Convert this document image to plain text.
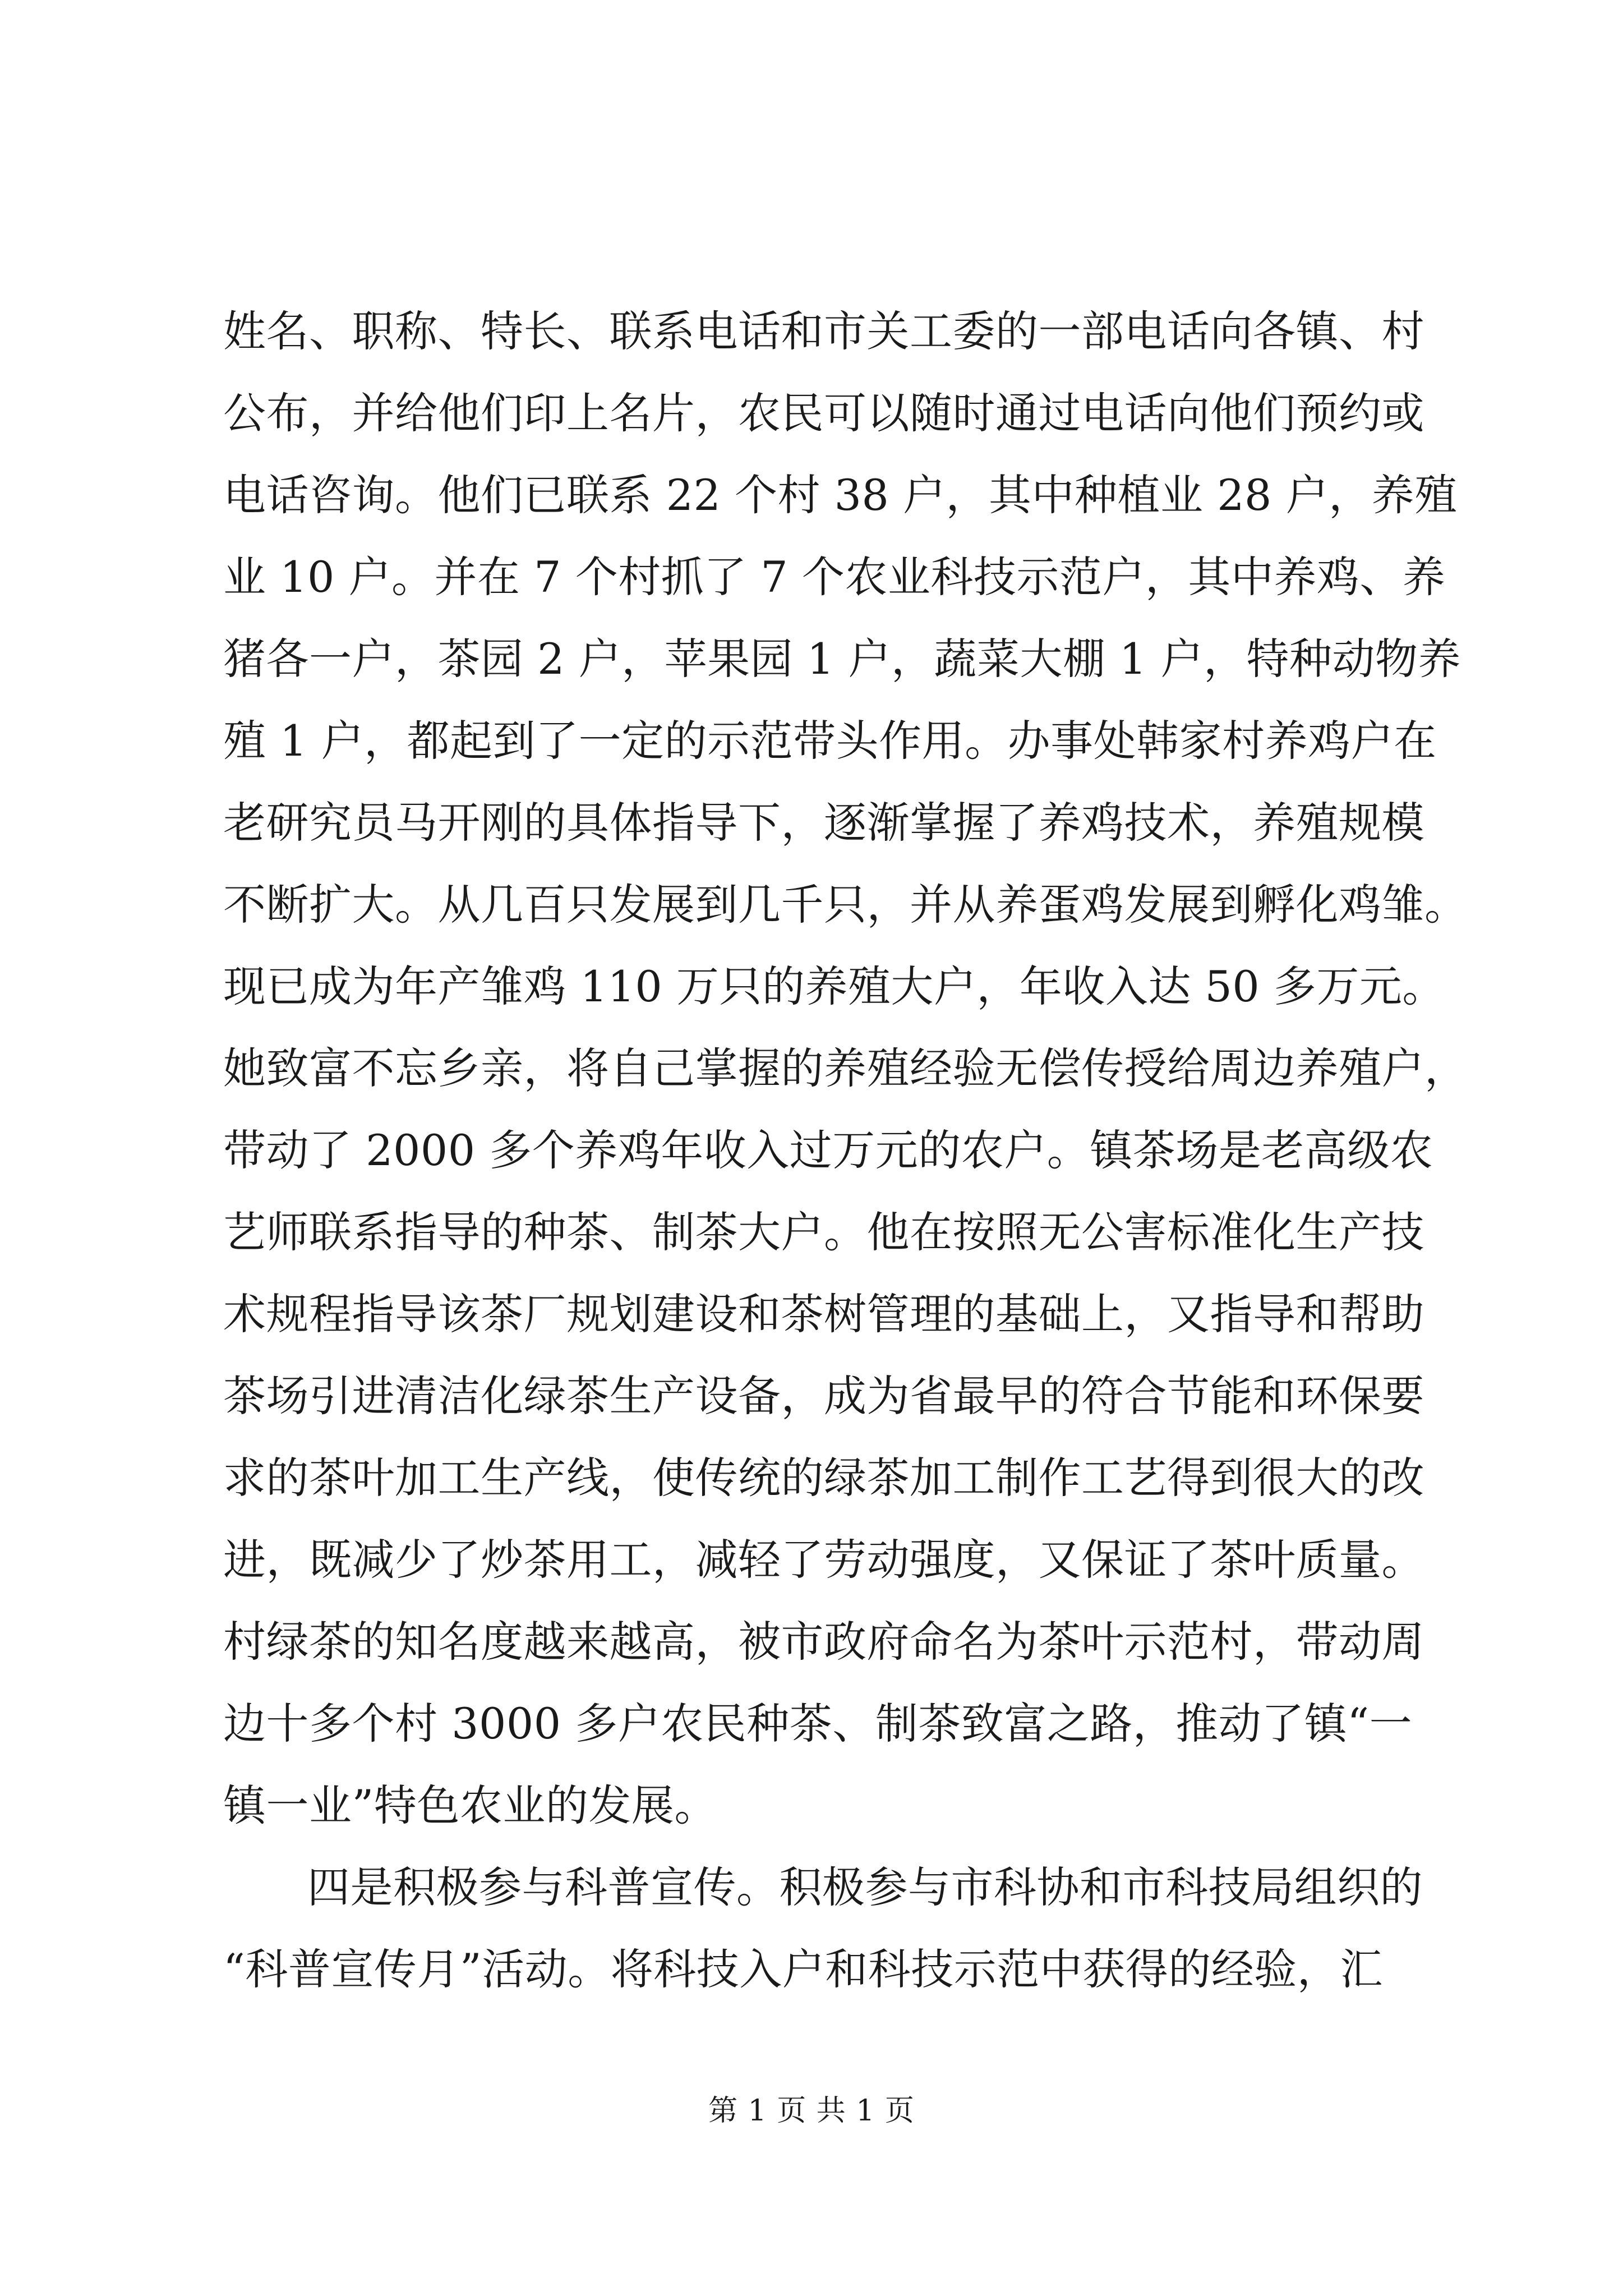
姓名、职称、特长、联系电话和市关工委的一部电话向各镇、村
公布，并给他们印上名片，农民可以随时通过电话向他们预约或
电话咨询。他们已联系 22 个村 38 户，其中种植业 28 户，养殖
业 10 户。并在 7 个村抓了 7 个农业科技示范户，其中养鸡、养
猪各一户，茶园 2 户，苹果园 1 户，蔬菜大棚 1 户，特种动物养
殖 1 户，都起到了一定的示范带头作用。办事处韩家村养鸡户在
老研究员马开刚的具体指导下，逐渐掌握了养鸡技术，养殖规模
不断扩大。从几百只发展到几千只，并从养蛋鸡发展到孵化鸡雏。
现已成为年产雏鸡 110 万只的养殖大户，年收入达 50 多万元。
她致富不忘乡亲，将自己掌握的养殖经验无偿传授给周边养殖户，
带动了 2000 多个养鸡年收入过万元的农户。镇茶场是老高级农
艺师联系指导的种茶、制茶大户。他在按照无公害标准化生产技
术规程指导该茶厂规划建设和茶树管理的基础上，又指导和帮助
茶场引进清洁化绿茶生产设备，成为省最早的符合节能和环保要
求的茶叶加工生产线，使传统的绿茶加工制作工艺得到很大的改
进，既减少了炒茶用工，减轻了劳动强度，又保证了茶叶质量。
村绿茶的知名度越来越高，被市政府命名为茶叶示范村，带动周
边十多个村 3000 多户农民种茶、制茶致富之路，推动了镇“一
镇一业”特色农业的发展。
四是积极参与科普宣传。积极参与市科协和市科技局组织的
“科普宣传月”活动。将科技入户和科技示范中获得的经验，汇
第 1 页 共 1 页
